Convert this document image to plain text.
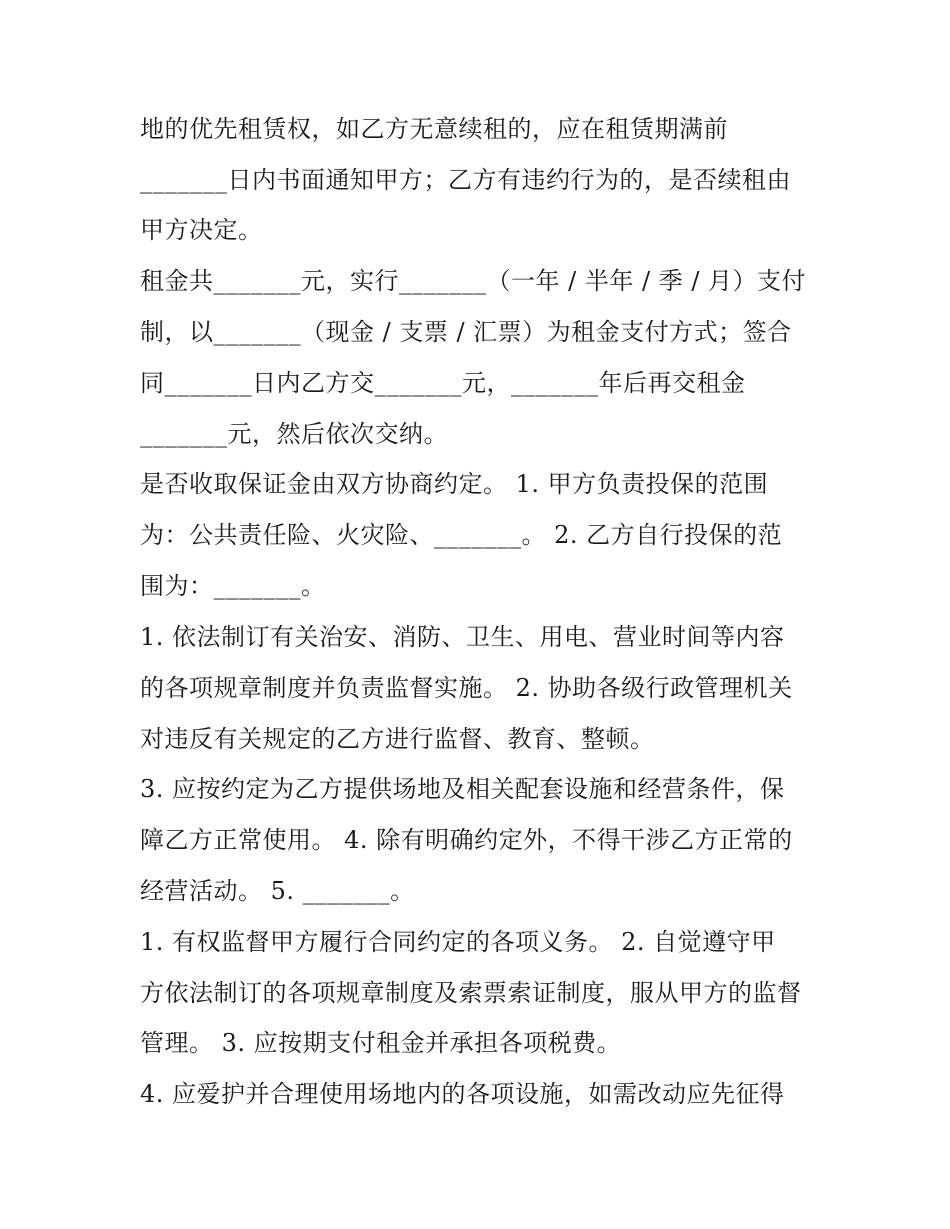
地的优先租赁权，如乙方无意续租的，应在租赁期满前

_______日内书面通知甲方；乙方有违约行为的，是否续租由

甲方决定。

租金共_______元，实行_______（一年 / 半年 / 季 / 月）支付

制，以_______（现金 / 支票 / 汇票）为租金支付方式；签合

同_______日内乙方交_______元，_______年后再交租金

_______元，然后依次交纳。

是否收取保证金由双方协商约定。 1. 甲方负责投保的范围

为：公共责任险、火灾险、_______。 2. 乙方自行投保的范

围为：_______。

1. 依法制订有关治安、消防、卫生、用电、营业时间等内容

的各项规章制度并负责监督实施。 2. 协助各级行政管理机关

对违反有关规定的乙方进行监督、教育、整顿。

3. 应按约定为乙方提供场地及相关配套设施和经营条件，保

障乙方正常使用。 4. 除有明确约定外，不得干涉乙方正常的

经营活动。 5. _______。

1. 有权监督甲方履行合同约定的各项义务。 2. 自觉遵守甲

方依法制订的各项规章制度及索票索证制度，服从甲方的监督

管理。 3. 应按期支付租金并承担各项税费。

4. 应爱护并合理使用场地内的各项设施，如需改动应先征得
